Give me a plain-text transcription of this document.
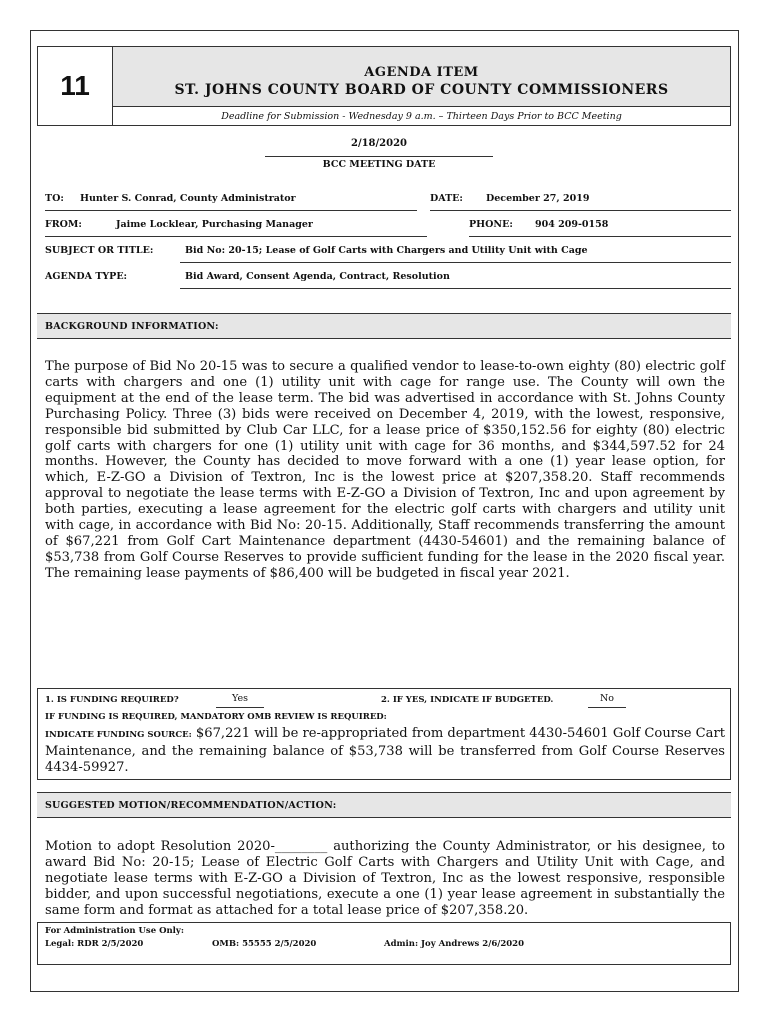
11	AGENDA ITEM
ST. JOHNS COUNTY BOARD OF COUNTY COMMISSIONERS
Deadline for Submission - Wednesday 9 a.m. – Thirteen Days Prior to BCC Meeting
2/18/2020
BCC MEETING DATE
TO: Hunter S. Conrad, County Administrator	DATE: December 27, 2019
FROM:	Jaime Locklear, Purchasing Manager	PHONE: 904 209-0158
SUBJECT OR TITLE:	Bid No: 20-15; Lease of Golf Carts with Chargers and Utility Unit with Cage
AGENDA TYPE:	Bid Award, Consent Agenda, Contract, Resolution
BACKGROUND INFORMATION:

The purpose of Bid No 20-15 was to secure a qualified vendor to lease-to-own eighty (80) electric golf carts with chargers and one (1) utility unit with cage for range use. The County will own the equipment at the end of the lease term. The bid was advertised in accordance with St. Johns County Purchasing Policy. Three (3) bids were received on December 4, 2019, with the lowest, responsive, responsible bid submitted by Club Car LLC, for a lease price of $350,152.56 for eighty (80) electric golf carts with chargers for one (1) utility unit with cage for 36 months, and $344,597.52 for 24 months. However, the County has decided to move forward with a one (1) year lease option, for which, E-Z-GO a Division of Textron, Inc is the lowest price at $207,358.20. Staff recommends approval to negotiate the lease terms with E-Z-GO a Division of Textron, Inc and upon agreement by both parties, executing a lease agreement for the electric golf carts with chargers and utility unit with cage, in accordance with Bid No: 20-15. Additionally, Staff recommends transferring the amount of $67,221 from Golf Cart Maintenance department (4430-54601) and the remaining balance of $53,738 from Golf Course Reserves to provide sufficient funding for the lease in the 2020 fiscal year. The remaining lease payments of $86,400 will be budgeted in fiscal year 2021.

1. IS FUNDING REQUIRED?	Yes	2. IF YES, INDICATE IF BUDGETED.	No
IF FUNDING IS REQUIRED, MANDATORY OMB REVIEW IS REQUIRED:

INDICATE FUNDING SOURCE: $67,221 will be re-appropriated from department 4430-54601 Golf Course Cart Maintenance, and the remaining balance of $53,738 will be transferred from Golf Course Reserves 4434-59927.

SUGGESTED MOTION/RECOMMENDATION/ACTION:

Motion to adopt Resolution 2020-________ authorizing the County Administrator, or his designee, to award Bid No: 20-15; Lease of Electric Golf Carts with Chargers and Utility Unit with Cage, and negotiate lease terms with E-Z-GO a Division of Textron, Inc as the lowest responsive, responsible bidder, and upon successful negotiations, execute a one (1) year lease agreement in substantially the same form and format as attached for a total lease price of $207,358.20.

For Administration Use Only:
Legal: RDR 2/5/2020	OMB: 55555 2/5/2020	Admin: Joy Andrews 2/6/2020
